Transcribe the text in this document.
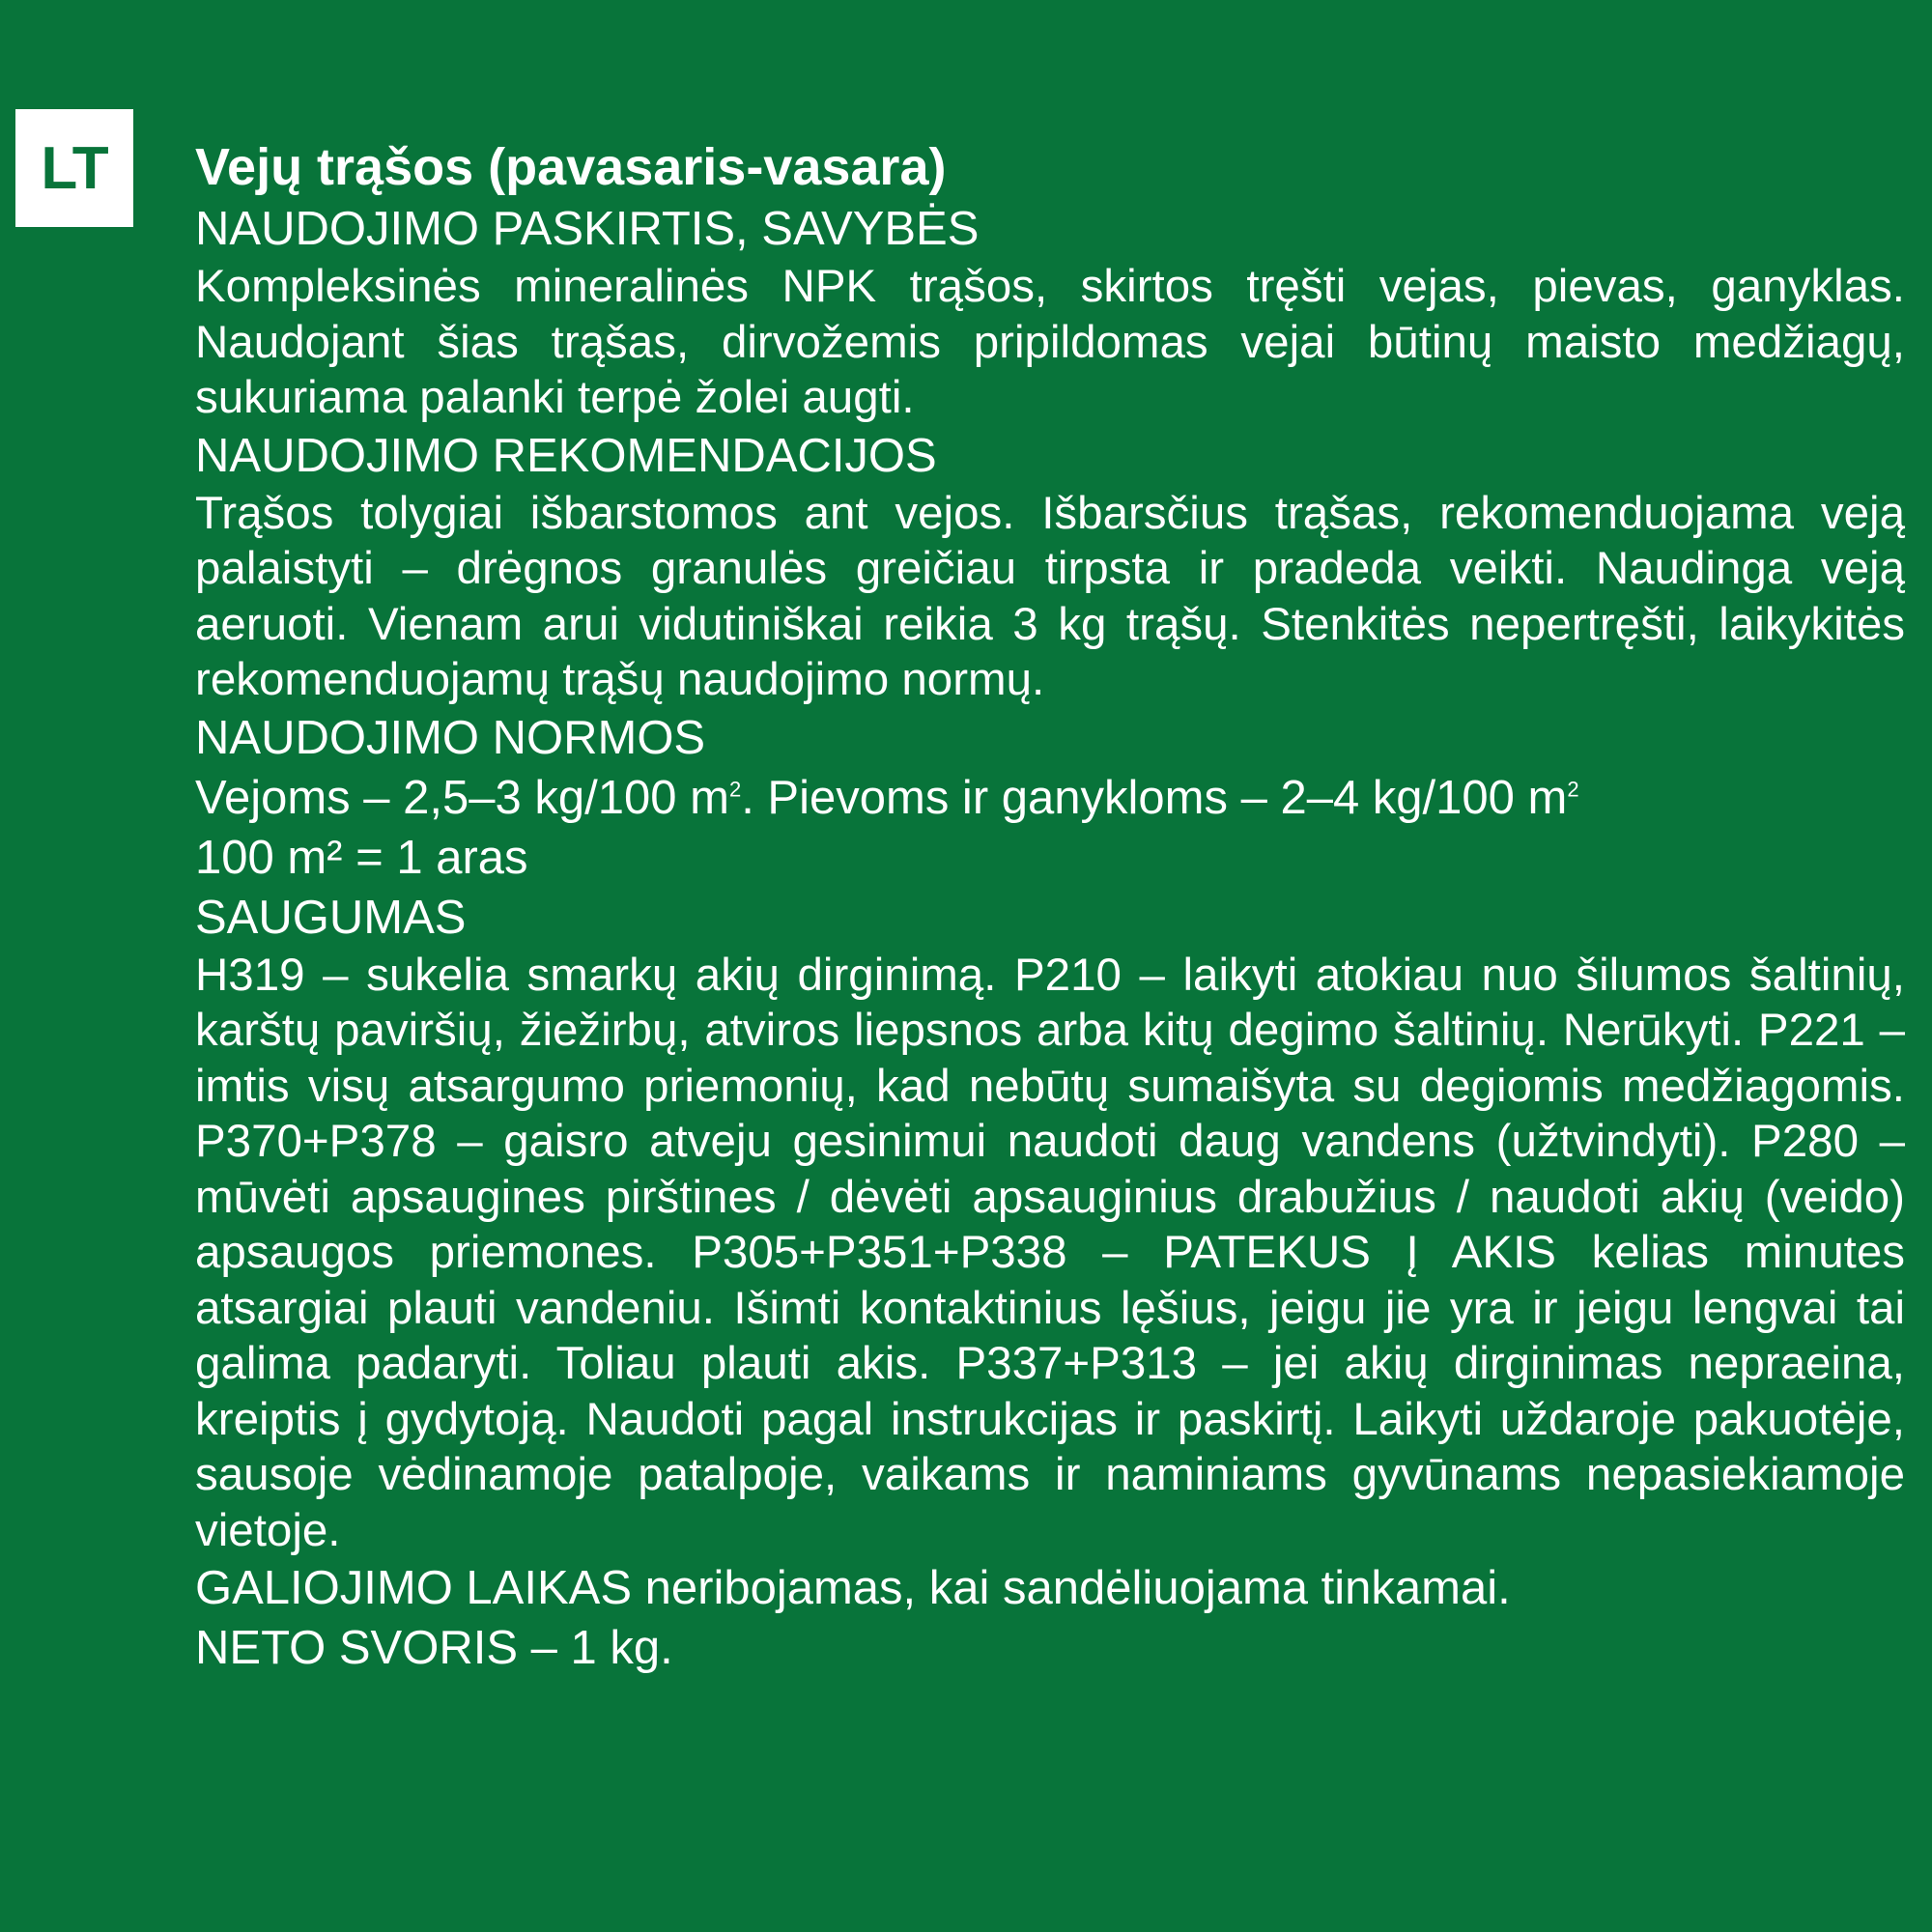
LT Vejų trąšos (pavasaris-vasara)
NAUDOJIMO PASKIRTIS, SAVYBĖS

Kompleksinės mineralinės NPK trąšos, skirtos tręšti vejas, pievas, ganyklas. Naudojant šias trąšas, dirvožemis pripildomas vejai būtinų maisto medžiagų, sukuriama palanki terpė žolei augti.

NAUDOJIMO REKOMENDACIJOS

Trąšos tolygiai išbarstomos ant vejos. Išbarsčius trąšas, rekomenduojama veją palaistyti – drėgnos granulės greičiau tirpsta ir pradeda veikti. Naudinga veją aeruoti. Vienam arui vidutiniškai reikia 3 kg trąšų. Stenkitės nepertręšti, laikykitės rekomenduojamų trąšų naudojimo normų.

NAUDOJIMO NORMOS
Vejoms – 2,5–3 kg/100 $m^2$. Pievoms ir ganykloms – 2–4 kg/100 $m^2$
100 m² = 1 aras
SAUGUMAS

H319 – sukelia smarkų akių dirginimą. P210 – laikyti atokiau nuo šilumos šaltinių, karštų paviršių, žiežirbų, atviros liepsnos arba kitų degimo šaltinių. Nerūkyti. P221 – imtis visų atsargumo priemonių, kad nebūtų sumaišyta su degiomis medžiagomis. P370+P378 – gaisro atveju gesinimui naudoti daug vandens (užtvindyti). P280 – mūvėti apsaugines pirštines / dėvėti apsauginius drabužius / naudoti akių (veido) apsaugos priemones. P305+P351+P338 – PATEKUS Į AKIS kelias minutes atsargiai plauti vandeniu. Išimti kontaktinius lęšius, jeigu jie yra ir jeigu lengvai tai galima padaryti. Toliau plauti akis. P337+P313 – jei akių dirginimas nepraeina, kreiptis į gydytoją. Naudoti pagal instrukcijas ir paskirtį. Laikyti uždaroje pakuotėje, sausoje vėdinamoje patalpoje, vaikams ir naminiams gyvūnams nepasiekiamoje vietoje.

GALIOJIMO LAIKAS neribojamas, kai sandėliuojama tinkamai.
NETO SVORIS – 1 kg.
